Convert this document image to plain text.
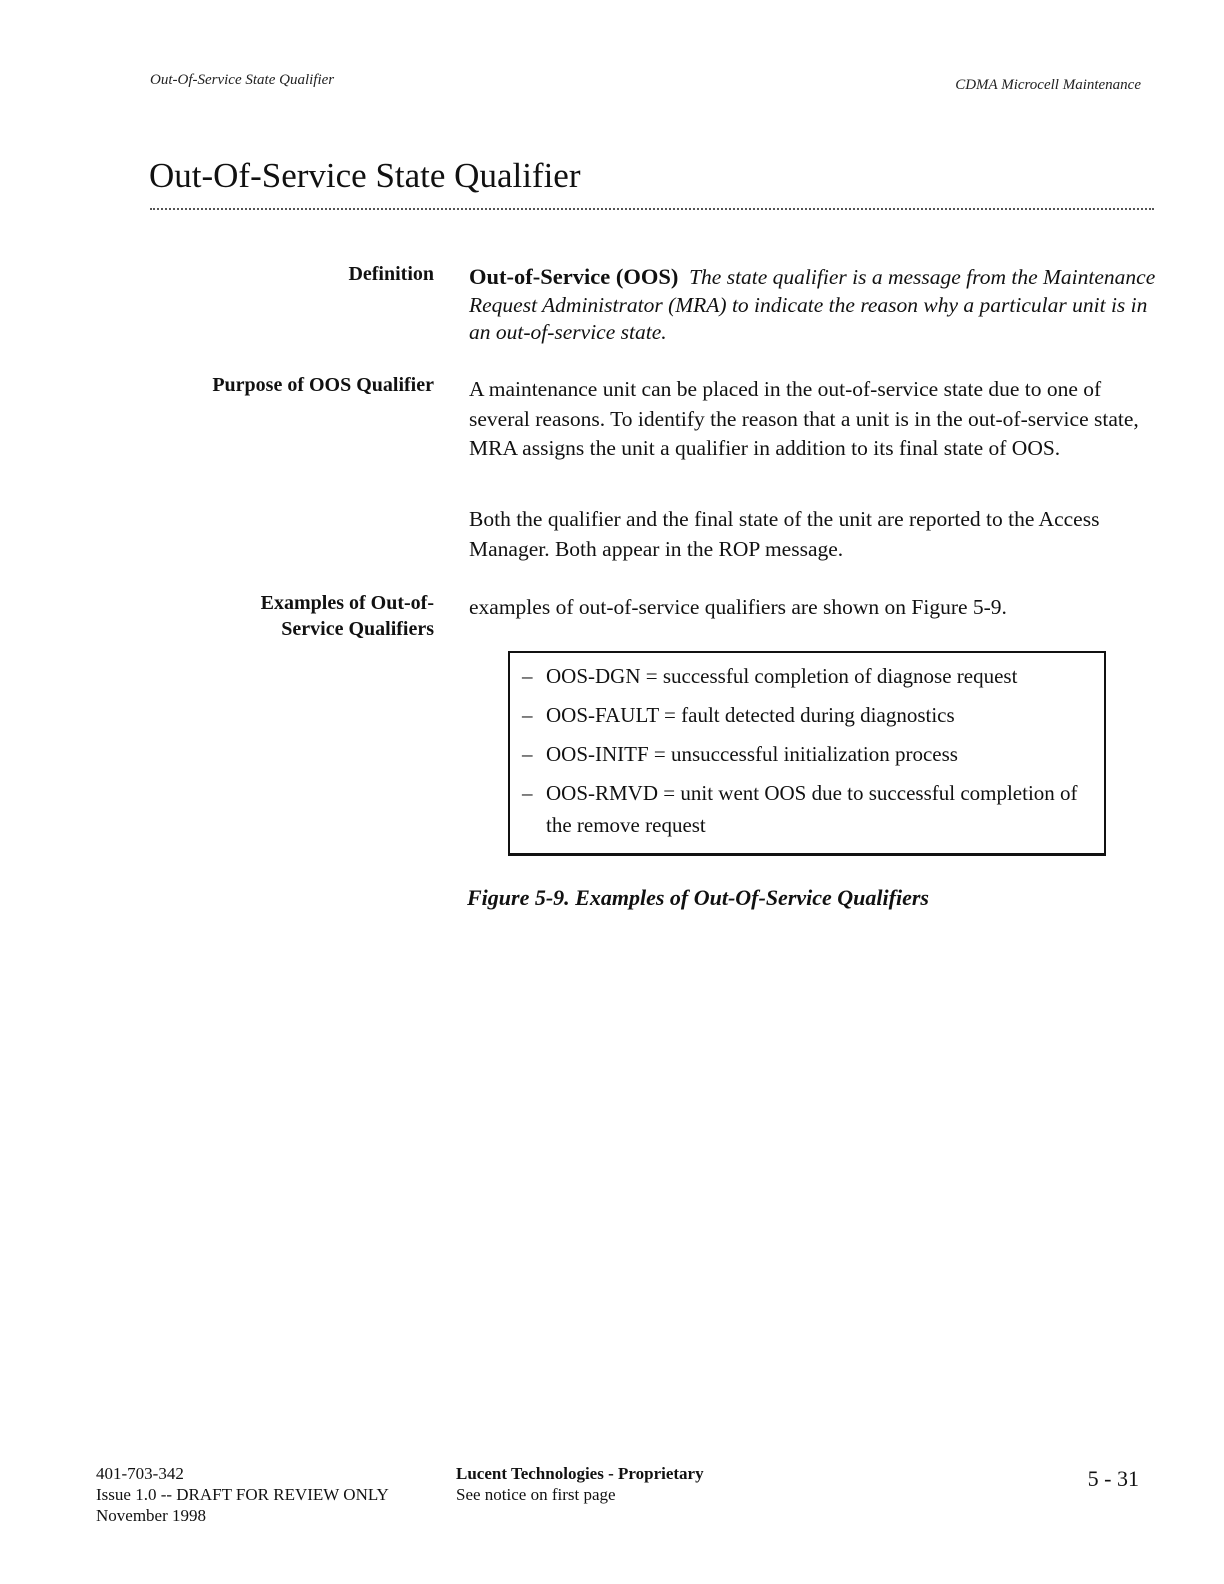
Out-Of-Service State Qualifier	CDMA Microcell Maintenance
Out-Of-Service State Qualifier

Definition Out-of-Service (OOS) The state qualifier is a message from the Maintenance Request Administrator (MRA) to indicate the reason why a particular unit is in an out-of-service state.

Purpose of OOS Qualifier A maintenance unit can be placed in the out-of-service state due to one of several reasons. To identify the reason that a unit is in the out-of-service state, MRA assigns the unit a qualifier in addition to its final state of OOS.

Both the qualifier and the final state of the unit are reported to the Access Manager. Both appear in the ROP message.

Examples of Out-of-
Service Qualifiers

examples of out-of-service qualifiers are shown on Figure 5-9.

– OOS-DGN = successful completion of diagnose request

– OOS-FAULT = fault detected during diagnostics

– OOS-INITF = unsuccessful initialization process

– OOS-RMVD = unit went OOS due to successful completion of the remove request

Figure 5-9. Examples of Out-Of-Service Qualifiers

401-703-342
Issue 1.0 -- DRAFT FOR REVIEW ONLY
November 1998

Lucent Technologies - Proprietary
See notice on first page

5 - 31
